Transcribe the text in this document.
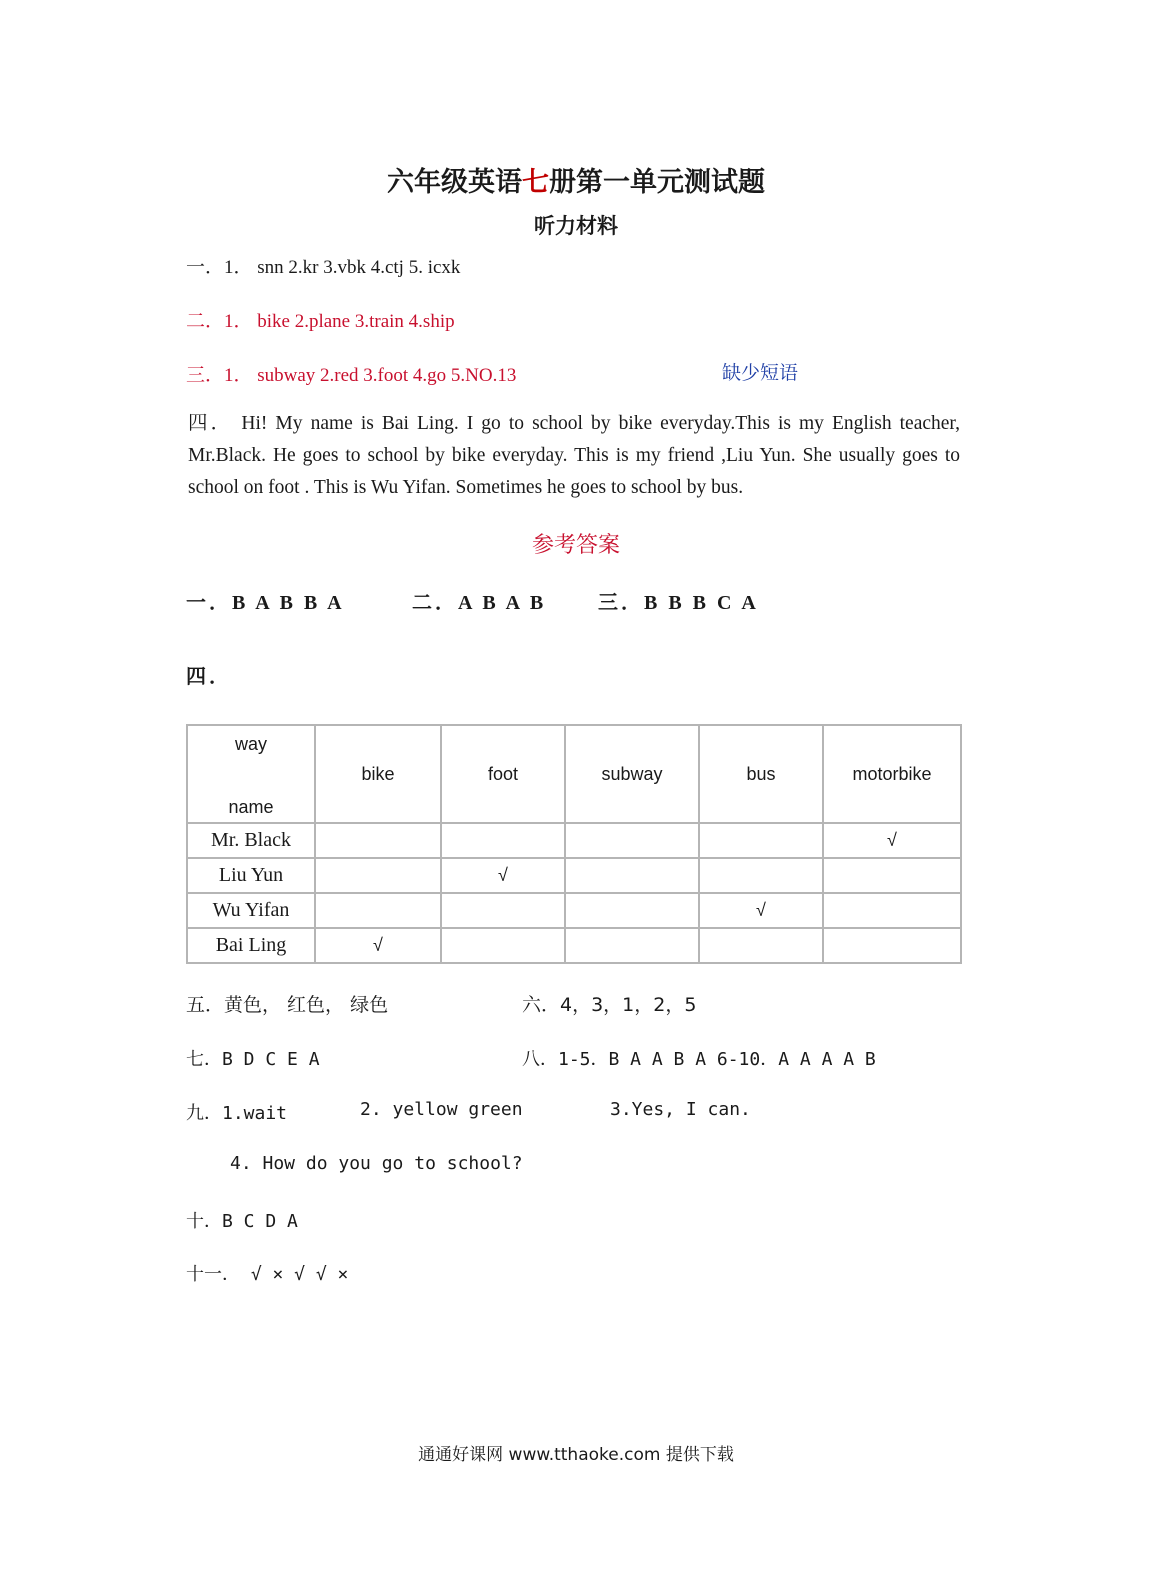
六年级英语七册第一单元测试题
听力材料
一．1． snn 2.kr 3.vbk 4.ctj 5. icxk
二．1． bike 2.plane 3.train 4.ship
三．1． subway 2.red 3.foot 4.go 5.NO.13	缺少短语
四． Hi! My name is Bai Ling. I go to school by bike everyday.This is my English teacher, Mr.Black. He goes to school by bike everyday. This is my friend ,Liu Yun. She usually goes to school on foot . This is Wu Yifan. Sometimes he goes to school by bus.
参考答案
一．B A B B A	二．A B A B	三．B B B C A
四．
way
name	bike	foot	subway	bus	motorbike
Mr. Black					√
Liu Yun		√			
Wu Yifan				√	
Bai Ling	√				
五．黄色， 红色， 绿色	六．4，3，1，2，5
七．B D C E A	八．1-5．B A A B A 6-10．A A A A B
九．1.wait	2. yellow green	3.Yes, I can.
4. How do you go to school?
十．B C D A
十一． √ × √ √ ×
通通好课网 www.tthaoke.com 提供下载
